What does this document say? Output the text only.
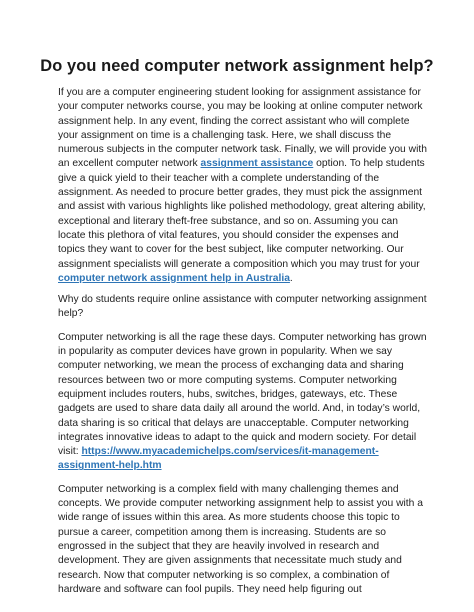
Do you need computer network assignment help?

If you are a computer engineering student looking for assignment assistance for your computer networks course, you may be looking at online computer network assignment help. In any event, finding the correct assistant who will complete your assignment on time is a challenging task. Here, we shall discuss the numerous subjects in the computer network task. Finally, we will provide you with an excellent computer network assignment assistance option. To help students give a quick yield to their teacher with a complete understanding of the assignment. As needed to procure better grades, they must pick the assignment and assist with various highlights like polished methodology, great altering ability, exceptional and literary theft-free substance, and so on. Assuming you can locate this plethora of vital features, you should consider the expenses and topics they want to cover for the best subject, like computer networking. Our assignment specialists will generate a composition which you may trust for your computer network assignment help in Australia.

Why do students require online assistance with computer networking assignment help?

Computer networking is all the rage these days. Computer networking has grown in popularity as computer devices have grown in popularity. When we say computer networking, we mean the process of exchanging data and sharing resources between two or more computing systems. Computer networking equipment includes routers, hubs, switches, bridges, gateways, etc. These gadgets are used to share data daily all around the world. And, in today’s world, data sharing is so critical that delays are unacceptable. Computer networking integrates innovative ideas to adapt to the quick and modern society. For detail visit: https://www.myacademichelps.com/services/it-management-assignment-help.htm

Computer networking is a complex field with many challenging themes and concepts. We provide computer networking assignment help to assist you with a wide range of issues within this area. As more students choose this topic to pursue a career, competition among them is increasing. Students are so engrossed in the subject that they are heavily involved in research and development. They are given assignments that necessitate much study and research. Now that computer networking is so complex, a combination of hardware and software can fool pupils. They need help figuring out
